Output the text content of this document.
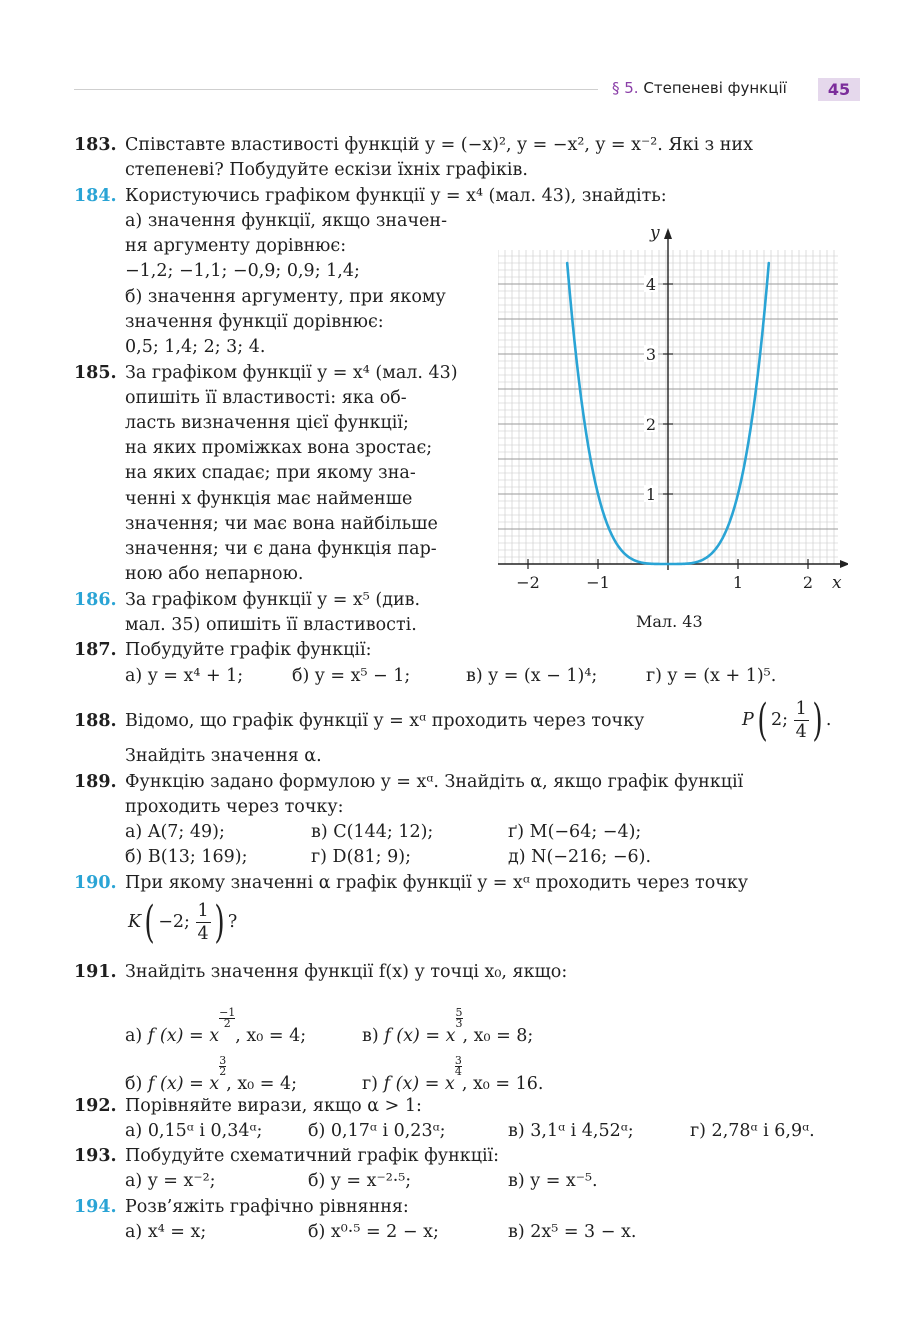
§ 5. Степеневі функції	45
183. Співставте властивості функцій y = (−x)², y = −x², y = x⁻². Які з них
степеневі? Побудуйте ескізи їхніх графіків.
184. Користуючись графіком функції y = x⁴ (мал. 43), знайдіть:
а) значення функції, якщо значен-
ня аргументу дорівнює:
−1,2; −1,1; −0,9; 0,9; 1,4;
б) значення аргументу, при якому
значення функції дорівнює:
0,5; 1,4; 2; 3; 4.
185. За графіком функції y = x⁴ (мал. 43)
опишіть її властивості: яка об-
ласть визначення цієї функції;
на яких проміжках вона зростає;
на яких спадає; при якому зна-
ченні x функція має найменше
значення; чи має вона найбільше
значення; чи є дана функція пар-
ною або непарною.
186. За графіком функції y = x⁵ (див.
мал. 35) опишіть її властивості.
−2	−1	1	2
1
2
3
4
y
x
Мал. 43
187. Побудуйте графік функції:
а) y = x⁴ + 1;	б) y = x⁵ − 1;	в) y = (x − 1)⁴;	г) y = (x + 1)⁵.
188. Відомо, що графік функції y = xᵅ проходить через точку	P( 2; $\frac{1}{4}$ ) .
Знайдіть значення α.
189. Функцію задано формулою y = xᵅ. Знайдіть α, якщо графік функції
проходить через точку:
а) A(7; 49);	в) C(144; 12);	ґ) M(−64; −4);
б) B(13; 169);	г) D(81; 9);	д) N(−216; −6).
190. При якому значенні α графік функції y = xᵅ проходить через точку
K( −2; $\frac{1}{4}$ ) ?
191. Знайдіть значення функції f(x) у точці x₀, якщо:
а) f (x) = x
$\frac{-1}{2}$
, x₀ = 4;	в) f (x) = x
$\frac{5}{3}$
, x₀ = 8;
б) f (x) = x
$\frac{3}{2}$
, x₀ = 4;	г) f (x) = x
$\frac{3}{4}$
, x₀ = 16.
192. Порівняйте вирази, якщо α > 1:
а) 0,15ᵅ і 0,34ᵅ;	б) 0,17ᵅ і 0,23ᵅ;	в) 3,1ᵅ і 4,52ᵅ;	г) 2,78ᵅ і 6,9ᵅ.
193. Побудуйте схематичний графік функції:
а) y = x⁻²;	б) y = x⁻²·⁵;	в) y = x⁻⁵.
194. Розв’яжіть графічно рівняння:
а) x⁴ = x;	б) x⁰·⁵ = 2 − x;	в) 2x⁵ = 3 − x.
